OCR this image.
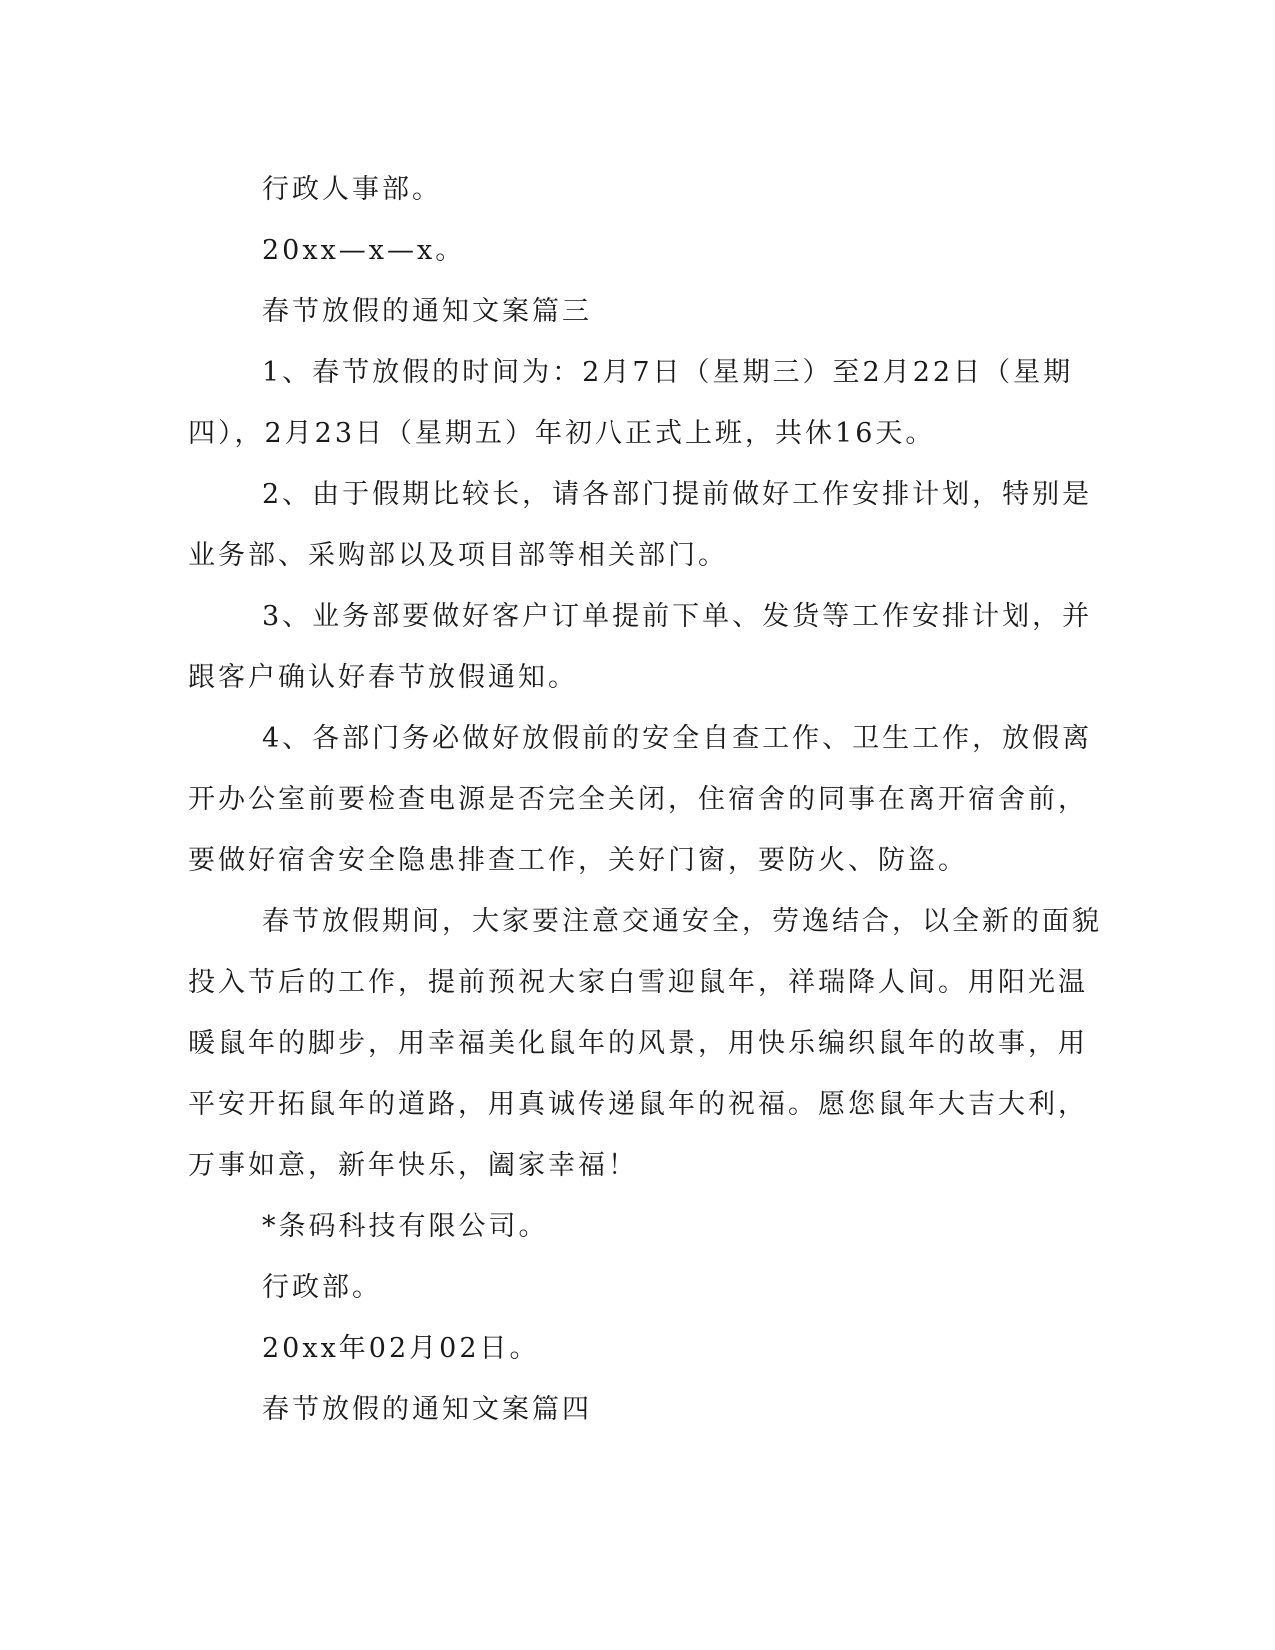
行政人事部。

20xx—x—x。

春节放假的通知文案篇三

1、春节放假的时间为：2月7日（星期三）至2月22日（星期

四），2月23日（星期五）年初八正式上班，共休16天。

2、由于假期比较长，请各部门提前做好工作安排计划，特别是

业务部、采购部以及项目部等相关部门。

3、业务部要做好客户订单提前下单、发货等工作安排计划，并

跟客户确认好春节放假通知。

4、各部门务必做好放假前的安全自查工作、卫生工作，放假离

开办公室前要检查电源是否完全关闭，住宿舍的同事在离开宿舍前，

要做好宿舍安全隐患排查工作，关好门窗，要防火、防盗。

春节放假期间，大家要注意交通安全，劳逸结合，以全新的面貌

投入节后的工作，提前预祝大家白雪迎鼠年，祥瑞降人间。用阳光温

暖鼠年的脚步，用幸福美化鼠年的风景，用快乐编织鼠年的故事，用

平安开拓鼠年的道路，用真诚传递鼠年的祝福。愿您鼠年大吉大利，

万事如意，新年快乐，阖家幸福！

*条码科技有限公司。

行政部。

20xx年02月02日。

春节放假的通知文案篇四
